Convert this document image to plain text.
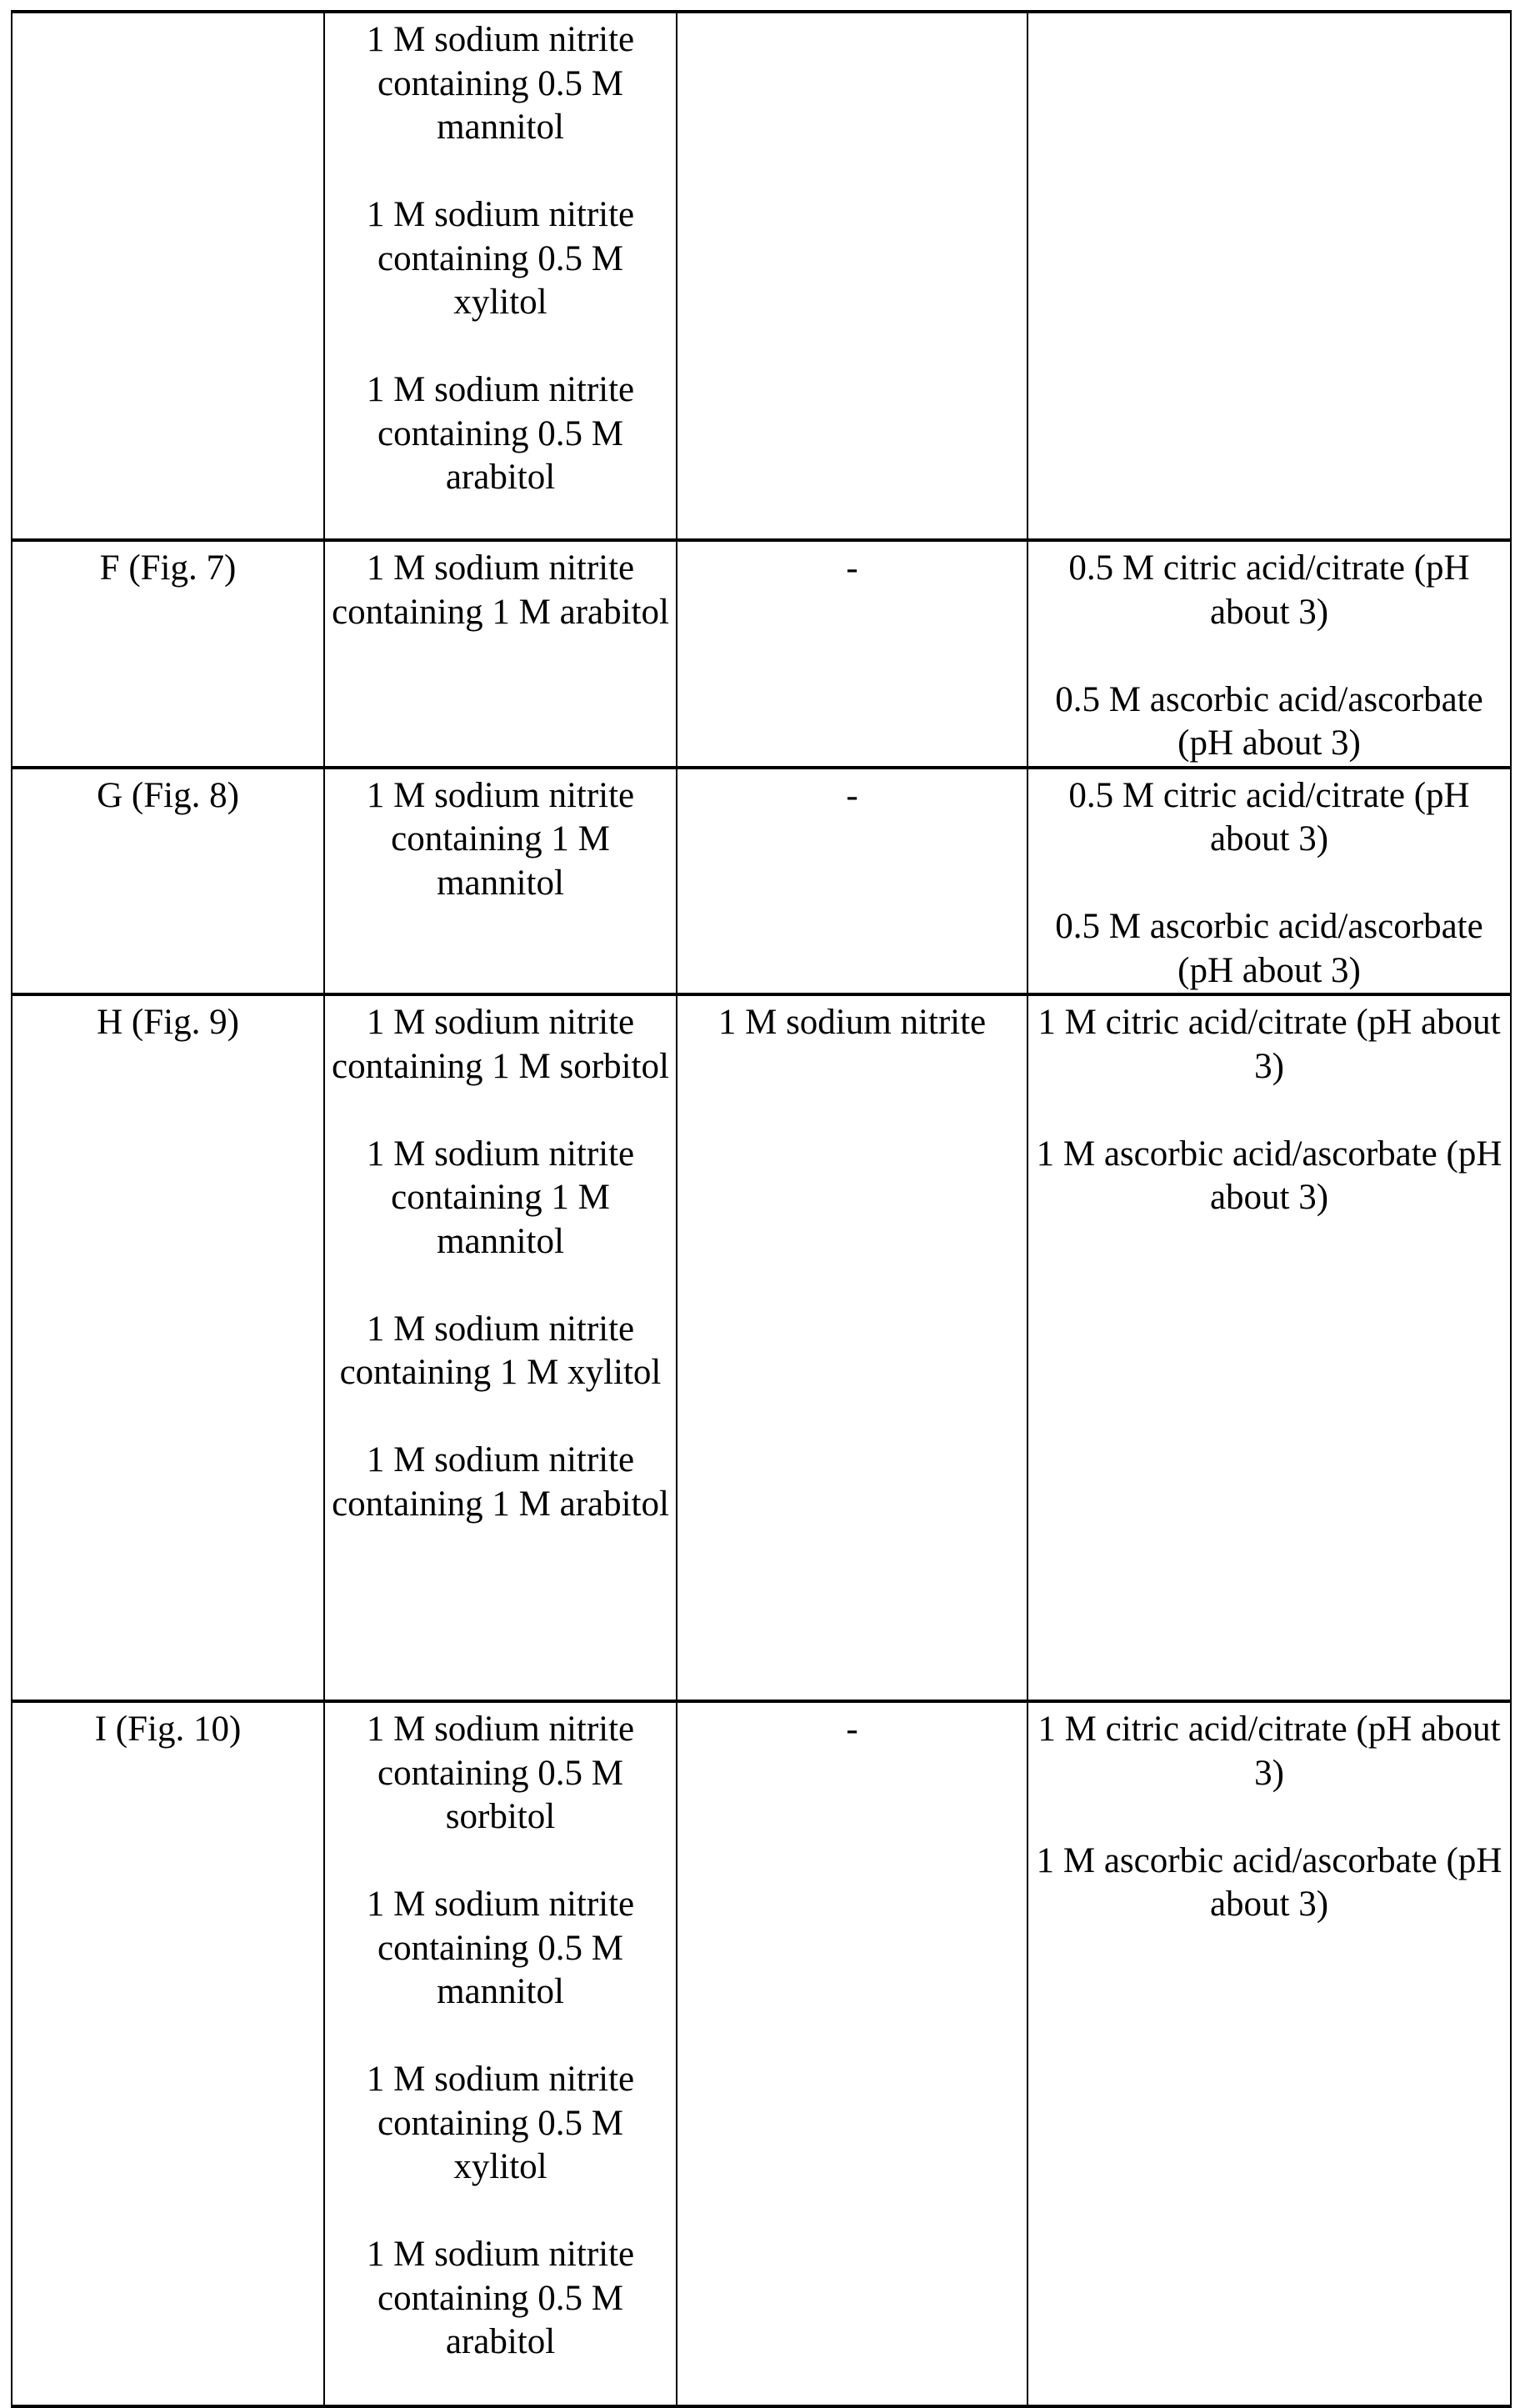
1 M sodium nitrite containing 0.5 M mannitol

1 M sodium nitrite containing 0.5 M xylitol

1 M sodium nitrite containing 0.5 M arabitol

F (Fig. 7)	1 M sodium nitrite containing 1 M arabitol

-	0.5 M citric acid/citrate (pH about 3)

0.5 M ascorbic acid/ascorbate (pH about 3)

G (Fig. 8)	1 M sodium nitrite containing 1 M mannitol

-	0.5 M citric acid/citrate (pH about 3)

0.5 M ascorbic acid/ascorbate (pH about 3)

H (Fig. 9)	1 M sodium nitrite containing 1 M sorbitol

1 M sodium nitrite containing 1 M mannitol

1 M sodium nitrite containing 1 M xylitol

1 M sodium nitrite containing 1 M arabitol

1 M sodium nitrite	1 M citric acid/citrate (pH about 3)

1 M ascorbic acid/ascorbate (pH about 3)

I (Fig. 10)	1 M sodium nitrite containing 0.5 M sorbitol

1 M sodium nitrite containing 0.5 M mannitol

1 M sodium nitrite containing 0.5 M xylitol

1 M sodium nitrite containing 0.5 M arabitol

-	1 M citric acid/citrate (pH about 3)

1 M ascorbic acid/ascorbate (pH about 3)
